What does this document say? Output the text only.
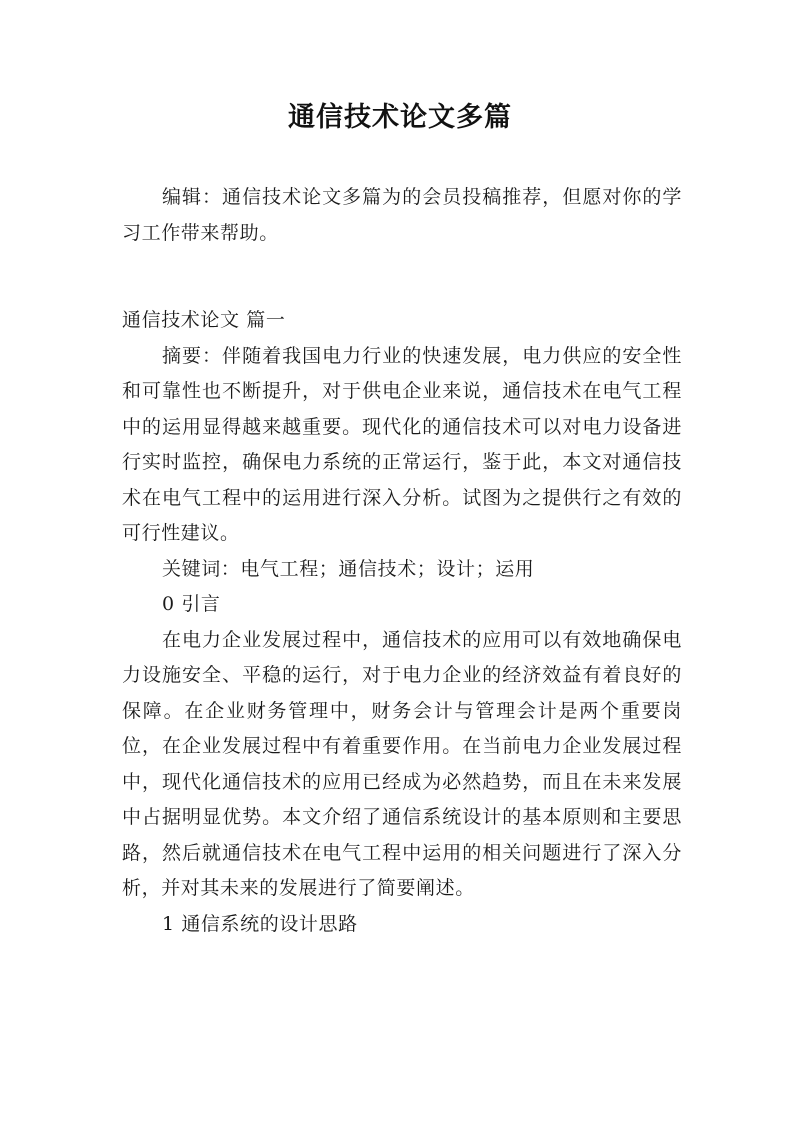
通信技术论文多篇

编辑：通信技术论文多篇为的会员投稿推荐，但愿对你的学习工作带来帮助。

通信技术论文 篇一

摘要：伴随着我国电力行业的快速发展，电力供应的安全性和可靠性也不断提升，对于供电企业来说，通信技术在电气工程中的运用显得越来越重要。现代化的通信技术可以对电力设备进行实时监控，确保电力系统的正常运行，鉴于此，本文对通信技术在电气工程中的运用进行深入分析。试图为之提供行之有效的可行性建议。

关键词：电气工程；通信技术；设计；运用

0 引言

在电力企业发展过程中，通信技术的应用可以有效地确保电力设施安全、平稳的运行，对于电力企业的经济效益有着良好的保障。在企业财务管理中，财务会计与管理会计是两个重要岗位，在企业发展过程中有着重要作用。在当前电力企业发展过程中，现代化通信技术的应用已经成为必然趋势，而且在未来发展中占据明显优势。本文介绍了通信系统设计的基本原则和主要思路，然后就通信技术在电气工程中运用的相关问题进行了深入分析，并对其未来的发展进行了简要阐述。

1 通信系统的设计思路
